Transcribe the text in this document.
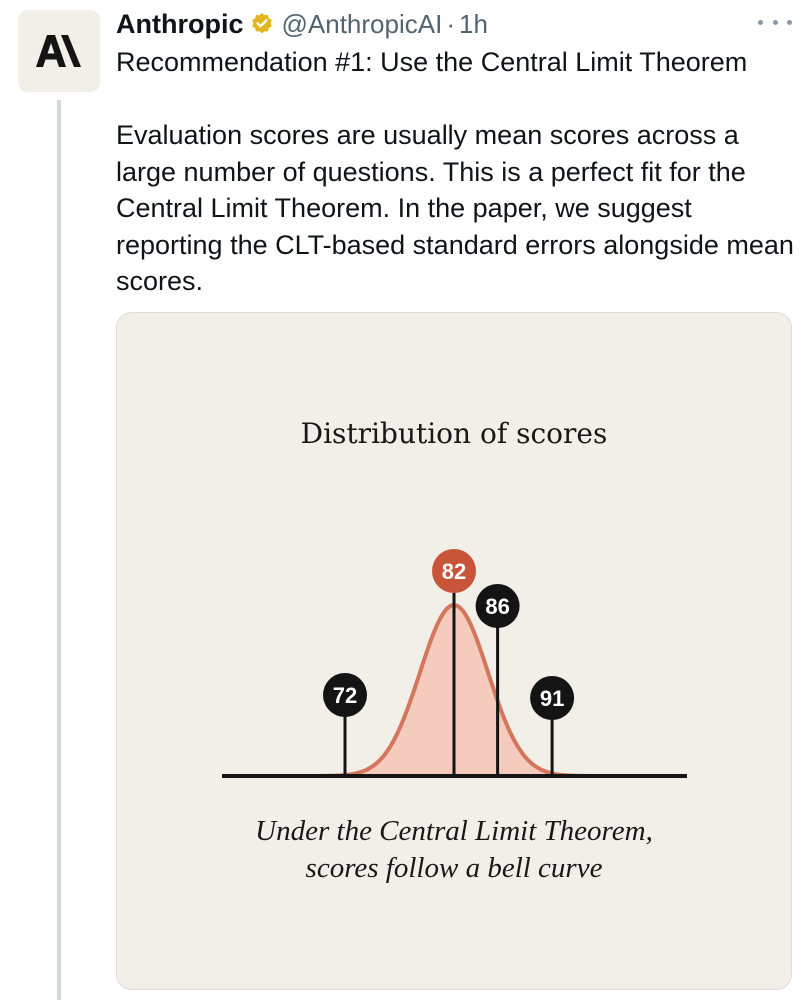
Anthropic @AnthropicAI · 1h
Recommendation #1: Use the Central Limit Theorem

Evaluation scores are usually mean scores across a large number of questions. This is a perfect fit for the Central Limit Theorem. In the paper, we suggest reporting the CLT-based standard errors alongside mean scores.
Distribution of scores
72
82
86
91
Under the Central Limit Theorem,
scores follow a bell curve
